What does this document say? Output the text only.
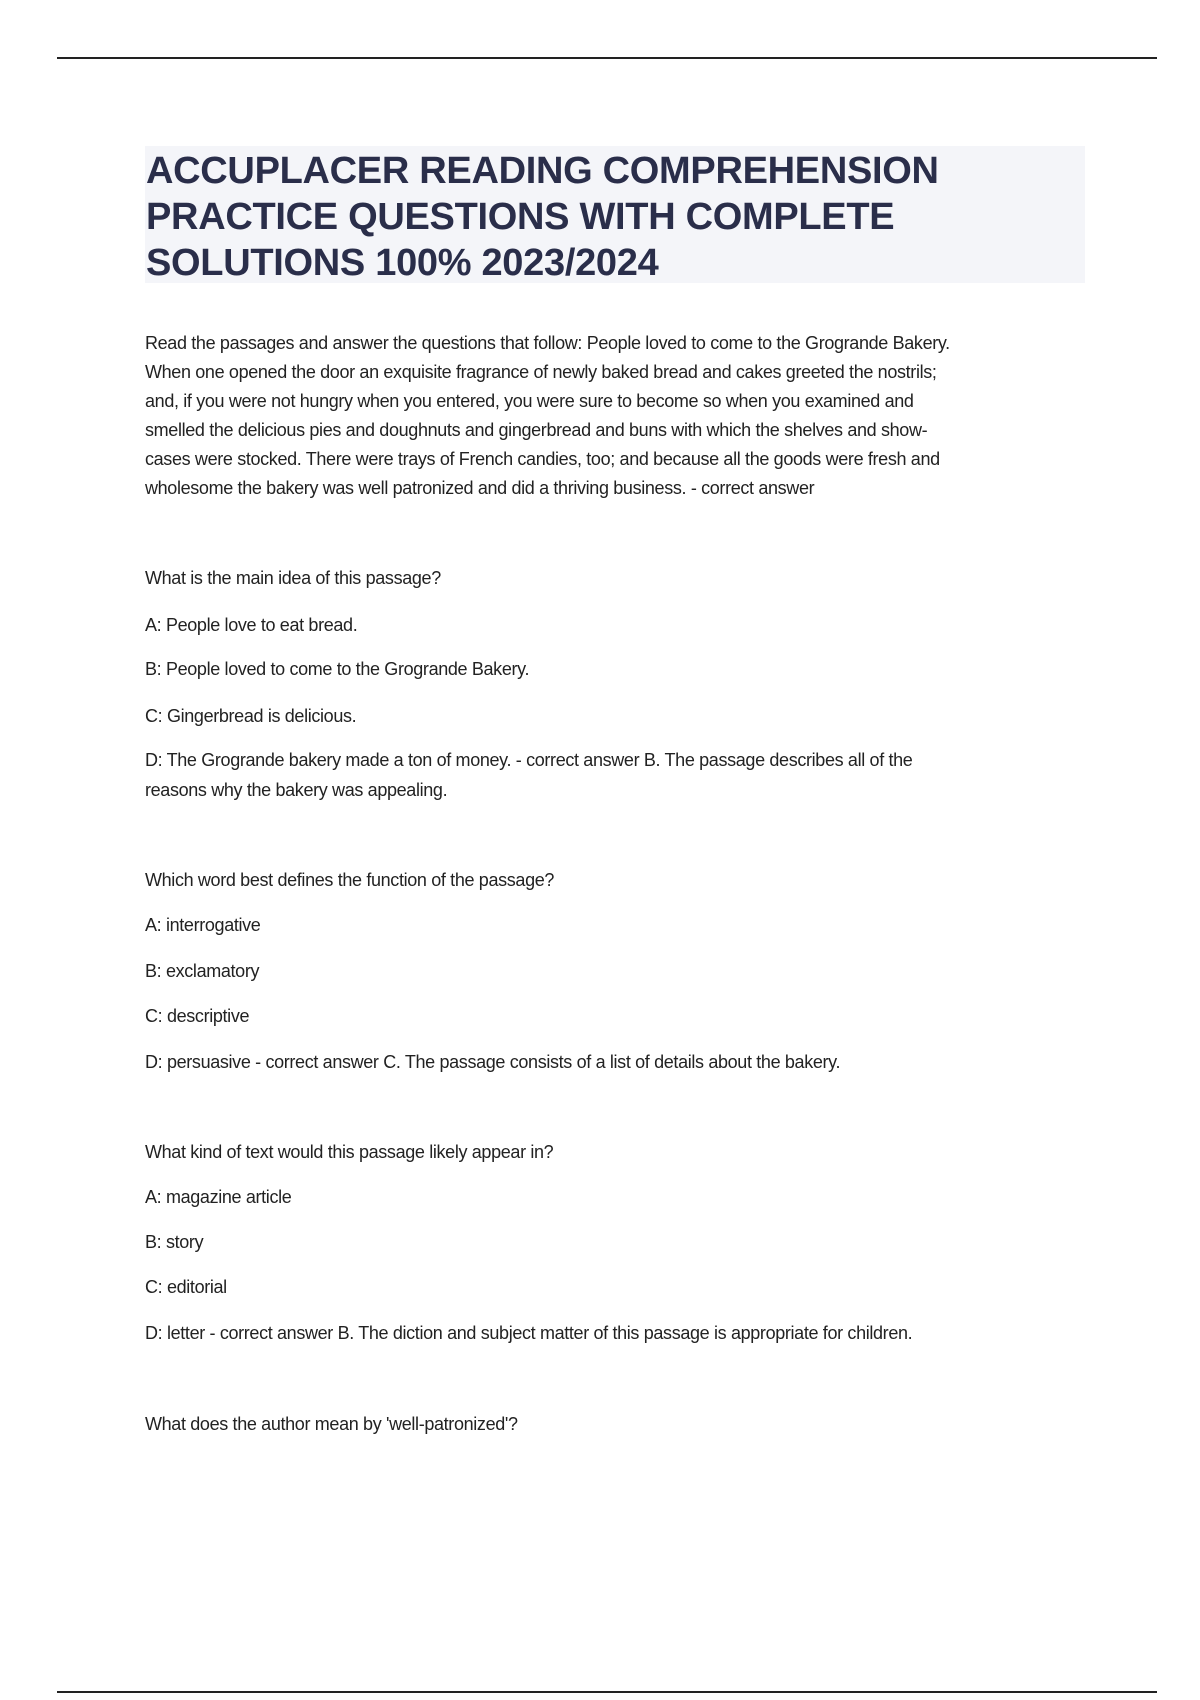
ACCUPLACER READING COMPREHENSION PRACTICE QUESTIONS WITH COMPLETE SOLUTIONS 100% 2023/2024
Read the passages and answer the questions that follow: People loved to come to the Grogrande Bakery.
When one opened the door an exquisite fragrance of newly baked bread and cakes greeted the nostrils;
and, if you were not hungry when you entered, you were sure to become so when you examined and
smelled the delicious pies and doughnuts and gingerbread and buns with which the shelves and show-
cases were stocked. There were trays of French candies, too; and because all the goods were fresh and
wholesome the bakery was well patronized and did a thriving business. - correct answer
What is the main idea of this passage?
A: People love to eat bread.
B: People loved to come to the Grogrande Bakery.
C: Gingerbread is delicious.
D: The Grogrande bakery made a ton of money. - correct answer B. The passage describes all of the
reasons why the bakery was appealing.
Which word best defines the function of the passage?
A: interrogative
B: exclamatory
C: descriptive
D: persuasive - correct answer C. The passage consists of a list of details about the bakery.
What kind of text would this passage likely appear in?
A: magazine article
B: story
C: editorial
D: letter - correct answer B. The diction and subject matter of this passage is appropriate for children.
What does the author mean by 'well-patronized'?
